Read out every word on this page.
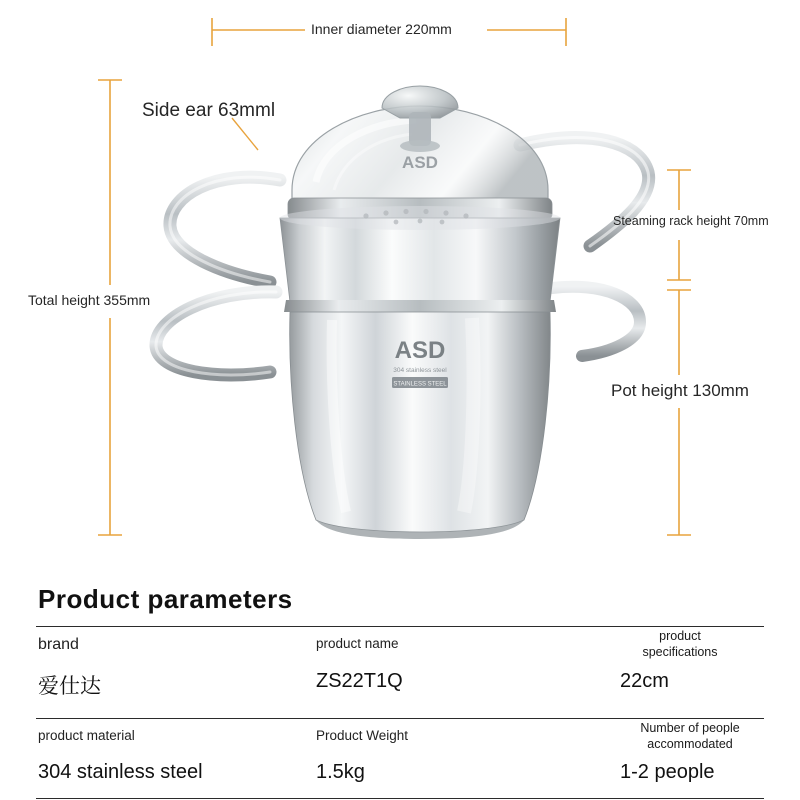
ASD
ASD
304 stainless steel
STAINLESS STEEL
Inner diameter 220mm
Side ear 63mml
Total height 355mm
Steaming rack height 70mm
Pot height 130mm
Product parameters
brand
爱仕达
product name
ZS22T1Q
product
specifications
22cm
product material
304 stainless steel
Product Weight
1.5kg
Number of people
accommodated
1-2 people
